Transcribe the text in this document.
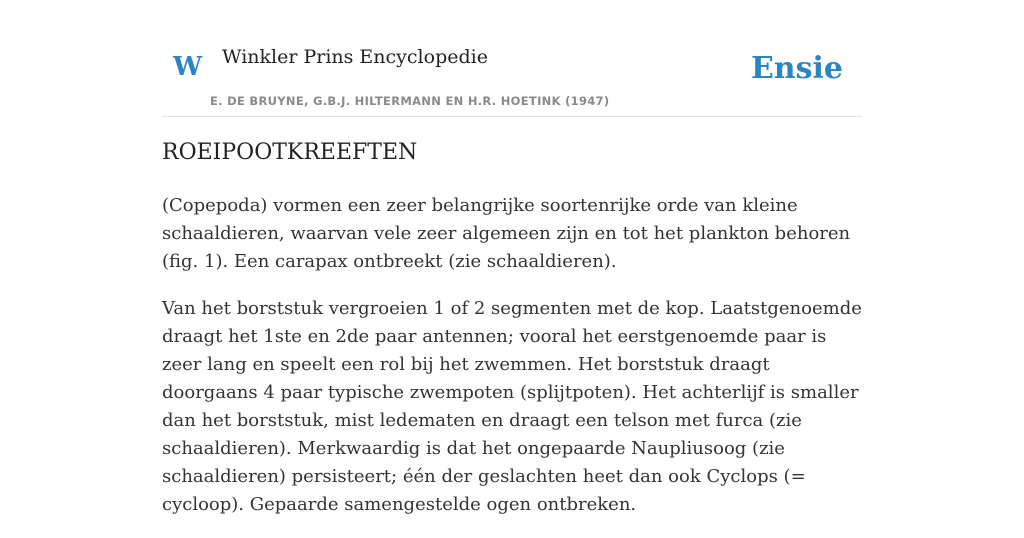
W Winkler Prins Encyclopedie
E. DE BRUYNE, G.B.J. HILTERMANN EN H.R. HOETINK (1947)
Ensie
ROEIPOOTKREEFTEN

(Copepoda) vormen een zeer belangrijke soortenrijke orde van kleine schaaldieren, waarvan vele zeer algemeen zijn en tot het plankton behoren (fig. 1). Een carapax ontbreekt (zie schaaldieren).

Van het borststuk vergroeien 1 of 2 segmenten met de kop. Laatstgenoemde draagt het 1ste en 2de paar antennen; vooral het eerstgenoemde paar is zeer lang en speelt een rol bij het zwemmen. Het borststuk draagt doorgaans 4 paar typische zwempoten (splijtpoten). Het achterlijf is smaller dan het borststuk, mist ledematen en draagt een telson met furca (zie schaaldieren). Merkwaardig is dat het ongepaarde Naupliusoog (zie schaaldieren) persisteert; één der geslachten heet dan ook Cyclops (= cycloop). Gepaarde samengestelde ogen ontbreken.
